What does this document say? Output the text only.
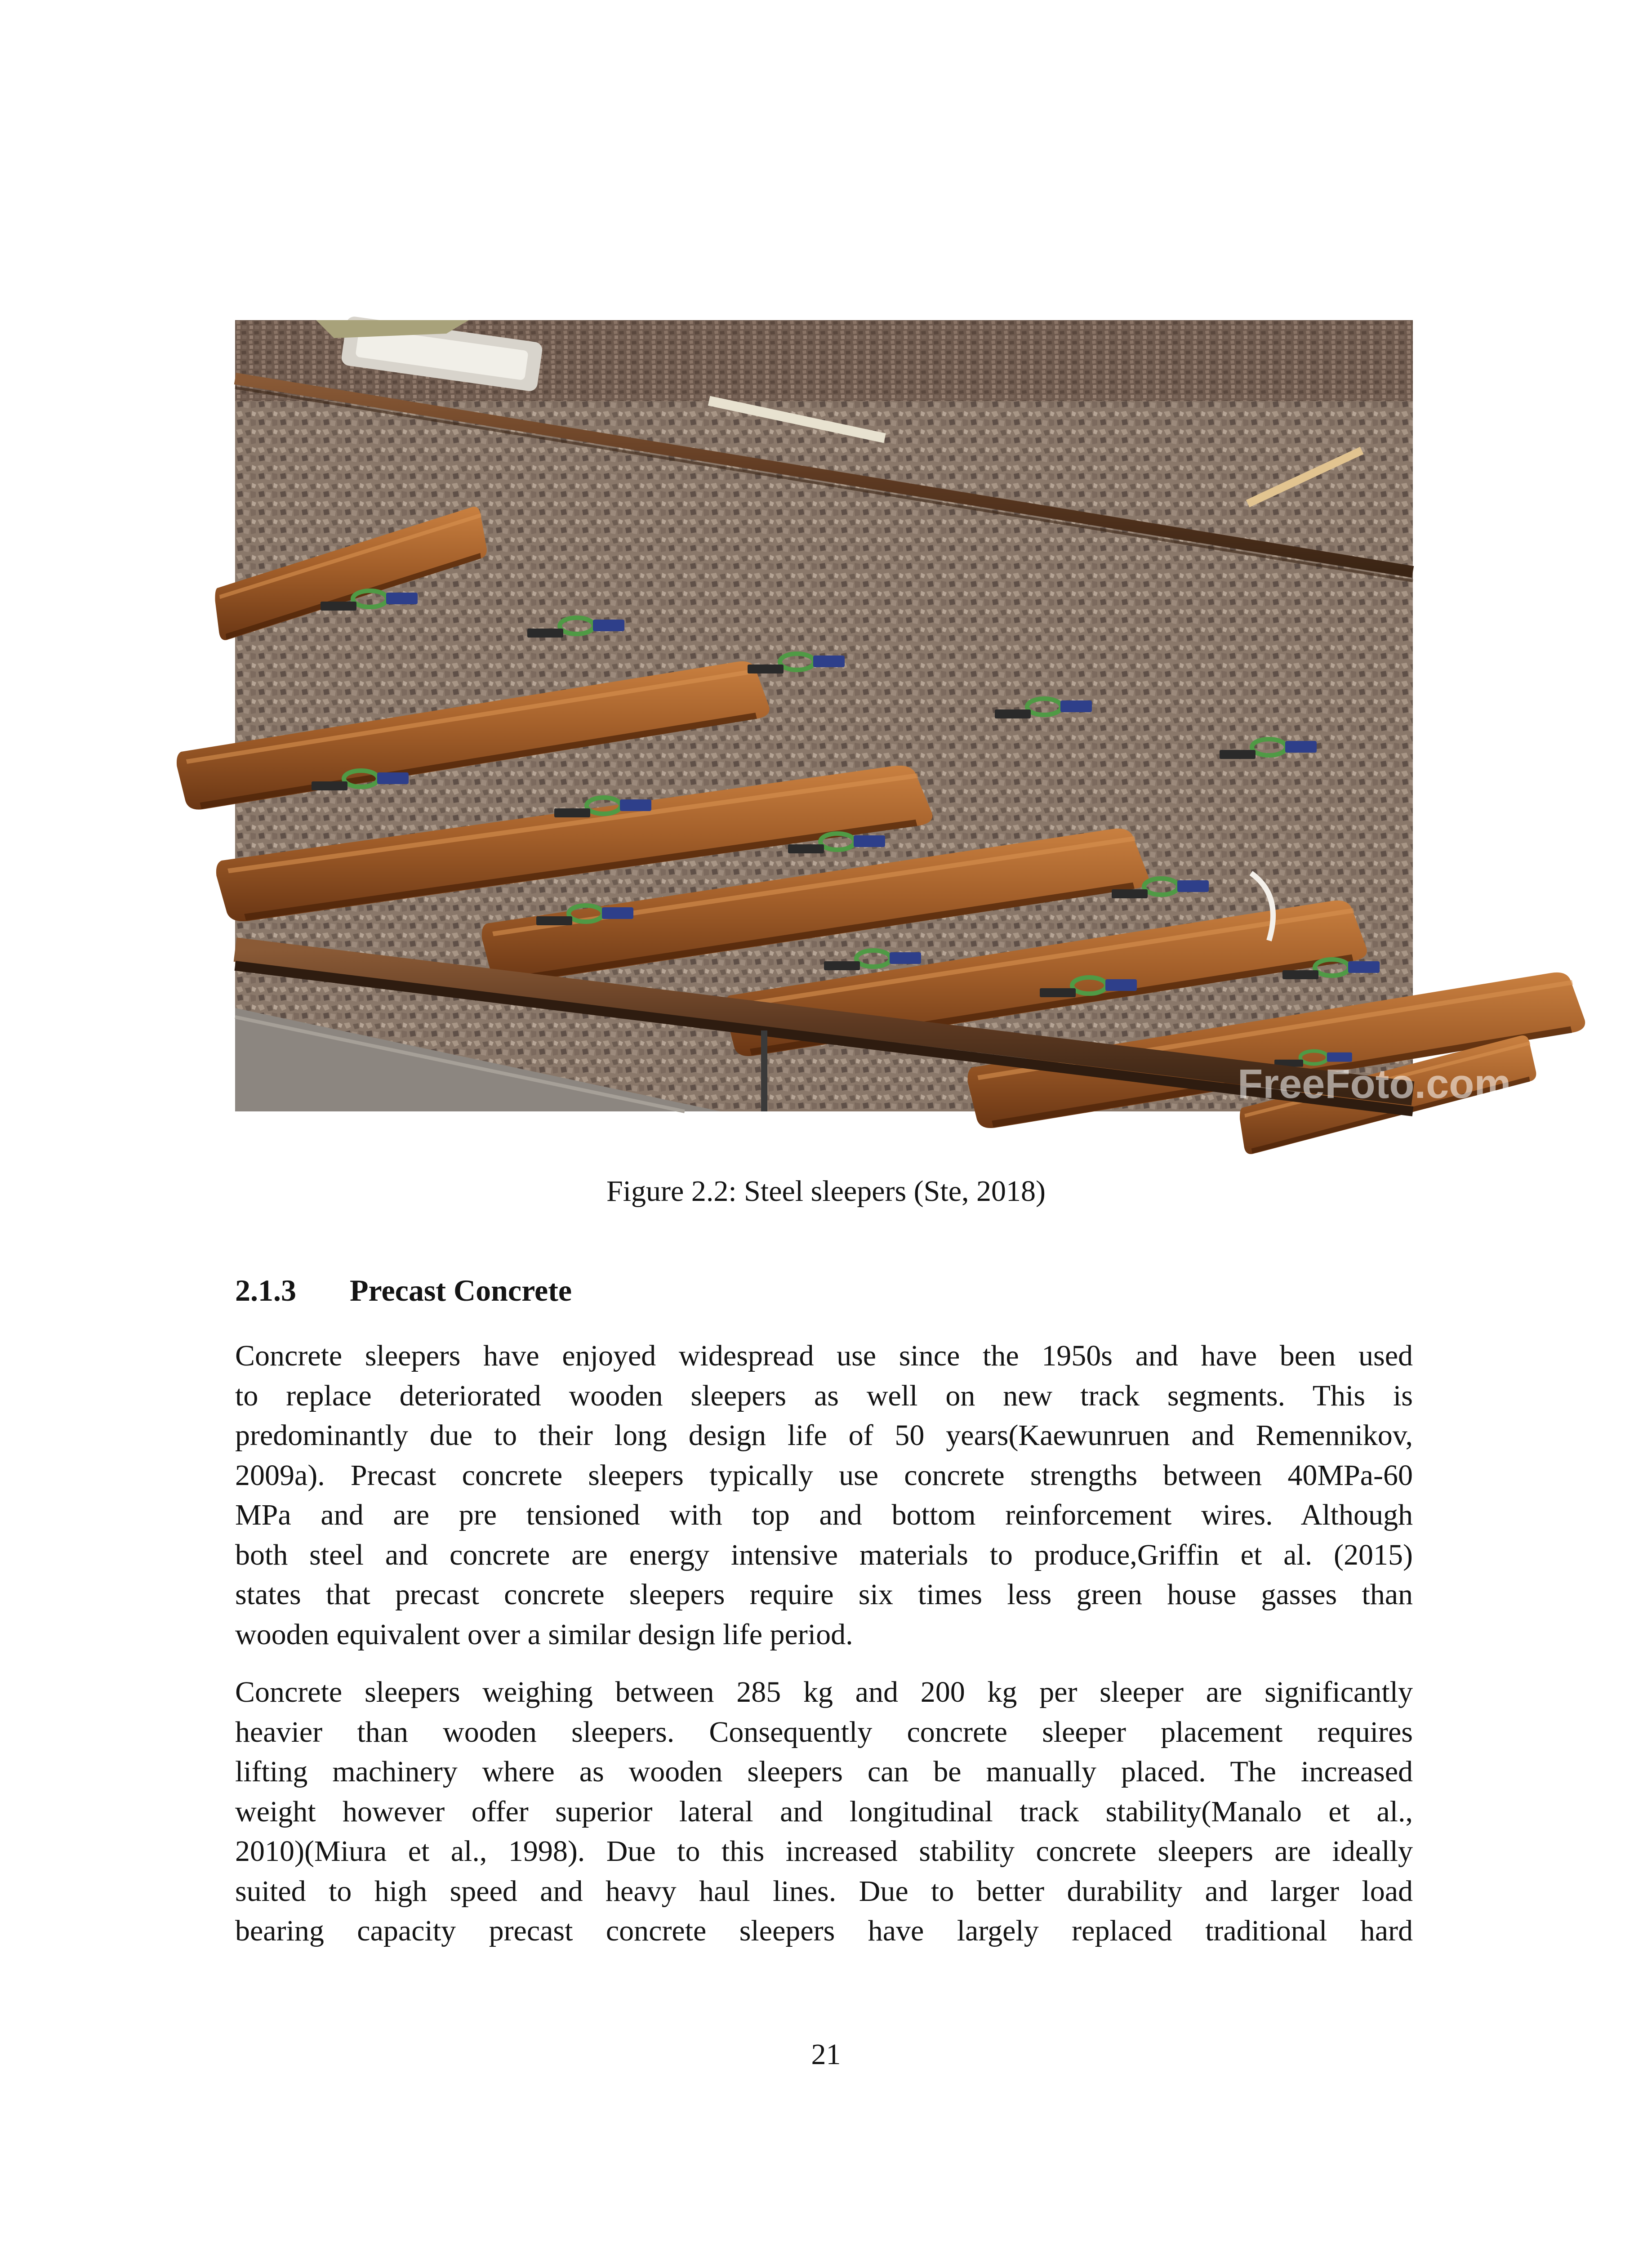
FreeFoto.com
Figure 2.2: Steel sleepers (Ste, 2018)
2.1.3 Precast Concrete
Concrete sleepers have enjoyed widespread use since the 1950s and have been used
to replace deteriorated wooden sleepers as well on new track segments. This is
predominantly due to their long design life of 50 years(Kaewunruen and Remennikov,
2009a). Precast concrete sleepers typically use concrete strengths between 40MPa-60
MPa and are pre tensioned with top and bottom reinforcement wires. Although
both steel and concrete are energy intensive materials to produce,Griffin et al. (2015)
states that precast concrete sleepers require six times less green house gasses than
wooden equivalent over a similar design life period.
Concrete sleepers weighing between 285 kg and 200 kg per sleeper are significantly
heavier than wooden sleepers. Consequently concrete sleeper placement requires
lifting machinery where as wooden sleepers can be manually placed. The increased
weight however offer superior lateral and longitudinal track stability(Manalo et al.,
2010)(Miura et al., 1998). Due to this increased stability concrete sleepers are ideally
suited to high speed and heavy haul lines. Due to better durability and larger load
bearing capacity precast concrete sleepers have largely replaced traditional hard
21
